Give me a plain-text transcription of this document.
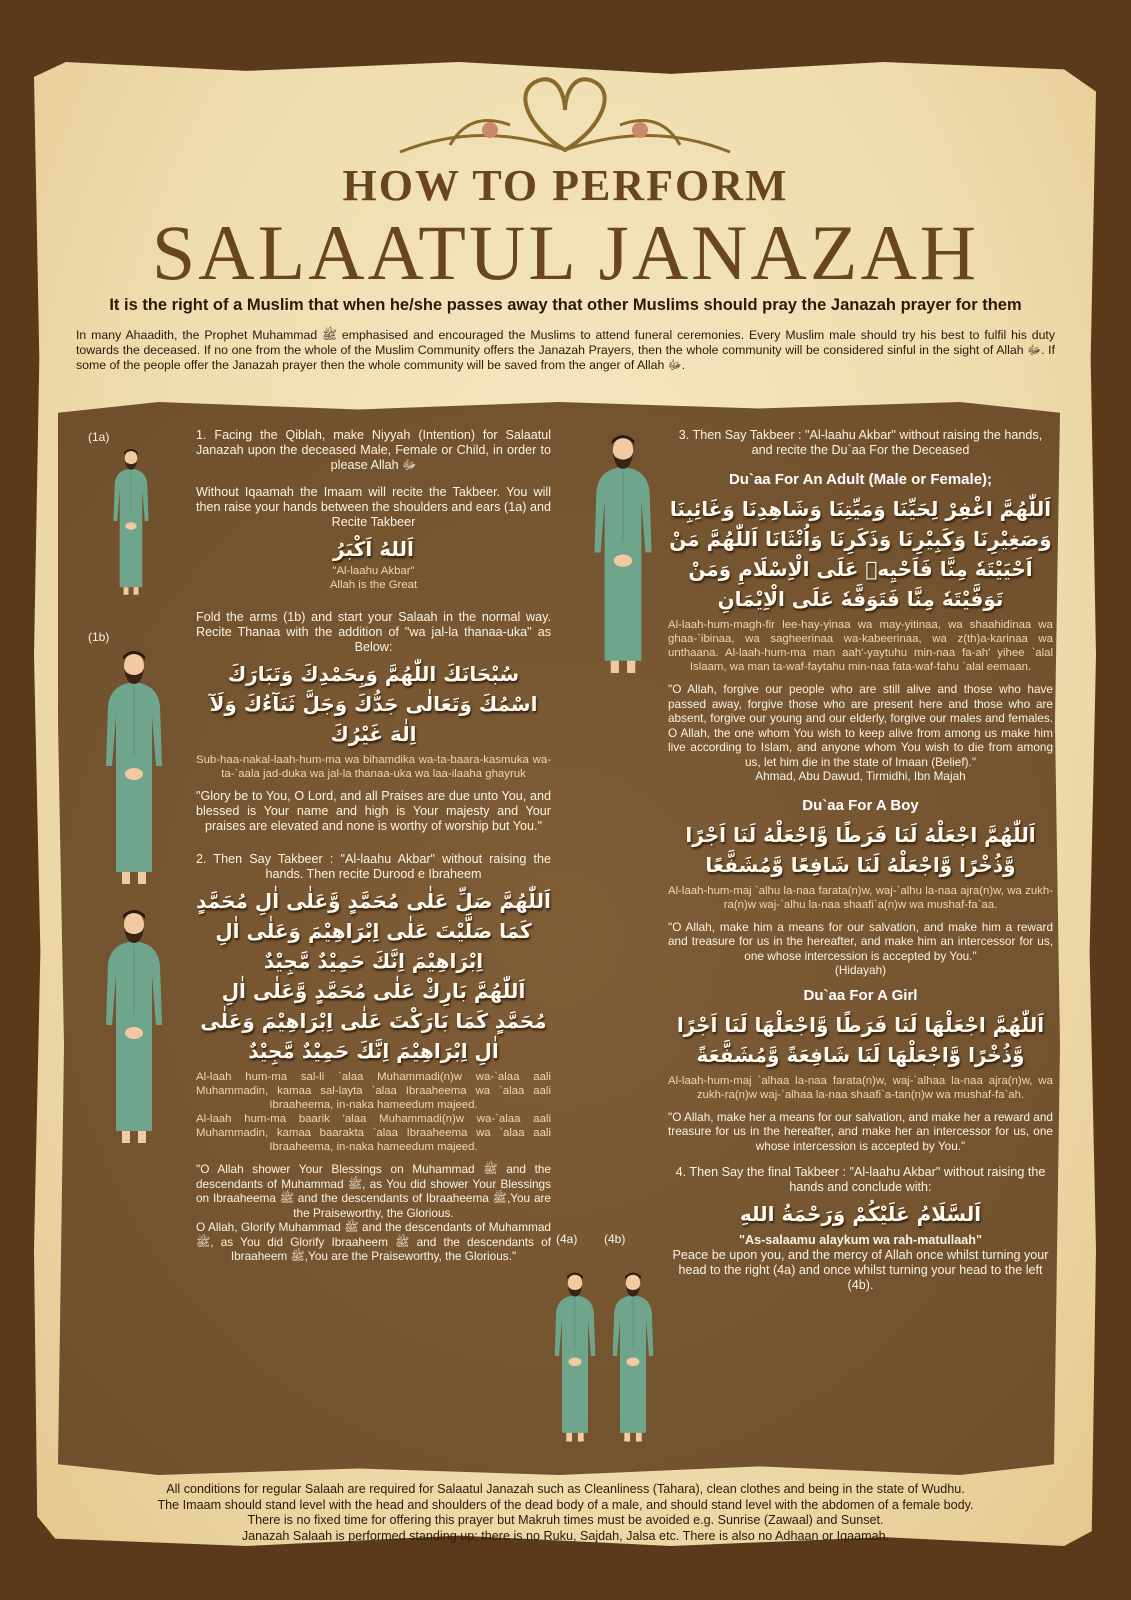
HOW TO PERFORM
SALAATUL JANAZAH
It is the right of a Muslim that when he/she passes away that other Muslims should pray the Janazah prayer for them
In many Ahaadith, the Prophet Muhammad ﷺ emphasised and encouraged the Muslims to attend funeral ceremonies. Every Muslim male should try his best to fulfil his duty towards the deceased. If no one from the whole of the Muslim Community offers the Janazah Prayers, then the whole community will be considered sinful in the sight of Allah ﷻ. If some of the people offer the Janazah prayer then the whole community will be saved from the anger of Allah ﷻ.
(1a)
(1b)
1. Facing the Qiblah, make Niyyah (Intention) for Salaatul Janazah upon the deceased Male, Female or Child, in order to please Allah ﷻ
Without Iqaamah the Imaam will recite the Takbeer. You will then raise your hands between the shoulders and ears (1a) and Recite Takbeer
اَللهُ اَكْبَرُ
"Al-laahu Akbar"
Allah is the Great
Fold the arms (1b) and start your Salaah in the normal way. Recite Thanaa with the addition of "wa jal-la thanaa-uka" as Below:
سُبْحَانَكَ اللّٰهُمَّ وَبِحَمْدِكَ وَتَبَارَكَ اسْمُكَ وَتَعَالٰى جَدُّكَ وَجَلَّ ثَنَآءُكَ وَلَآ اِلٰهَ غَيْرُكَ
Sub-haa-nakal-laah-hum-ma wa bihamdika wa-ta-baara-kasmuka wa-ta-`aala jad-duka wa jal-la thanaa-uka wa laa-ilaaha ghayruk
"Glory be to You, O Lord, and all Praises are due unto You, and blessed is Your name and high is Your majesty and Your praises are elevated and none is worthy of worship but You."
2. Then Say Takbeer : "Al-laahu Akbar" without raising the hands. Then recite Durood e Ibraheem
اَللّٰهُمَّ صَلِّ عَلٰى مُحَمَّدٍ وَّعَلٰى اٰلِ مُحَمَّدٍ كَمَا صَلَّيْتَ عَلٰى اِبْرَاهِيْمَ وَعَلٰى اٰلِ اِبْرَاهِيْمَ اِنَّكَ حَمِيْدٌ مَّجِيْدٌ
اَللّٰهُمَّ بَارِكْ عَلٰى مُحَمَّدٍ وَّعَلٰى اٰلِ مُحَمَّدٍ كَمَا بَارَكْتَ عَلٰى اِبْرَاهِيْمَ وَعَلٰى اٰلِ اِبْرَاهِيْمَ اِنَّكَ حَمِيْدٌ مَّجِيْدٌ
Al-laah hum-ma sal-li `alaa Muhammadi(n)w wa-`alaa aali Muhammadin, kamaa sal-layta `alaa Ibraaheema wa `alaa aali Ibraaheema, in-naka hameedum majeed.
Al-laah hum-ma baarik 'alaa Muhammadi(n)w wa-`alaa aali Muhammadin, kamaa baarakta `alaa Ibraaheema wa `alaa aali Ibraaheema, in-naka hameedum majeed.
"O Allah shower Your Blessings on Muhammad ﷺ and the descendants of Muhammad ﷺ, as You did shower Your Blessings on Ibraaheema ﷺ and the descendants of Ibraaheema ﷺ,You are the Praiseworthy, the Glorious.
O Allah, Glorify Muhammad ﷺ and the descendants of Muhammad ﷺ, as You did Glorify Ibraaheem ﷺ and the descendants of Ibraaheem ﷺ,You are the Praiseworthy, the Glorious."
(4a) (4b)
3. Then Say Takbeer : "Al-laahu Akbar" without raising the hands, and recite the Du`aa For the Deceased
Du`aa For An Adult (Male or Female);
اَللّٰهُمَّ اغْفِرْ لِحَيِّنَا وَمَيِّتِنَا وَشَاهِدِنَا وَغَائِبِنَا وَصَغِيْرِنَا وَكَبِيْرِنَا وَذَكَرِنَا وَاُنْثَانَا اَللّٰهُمَّ مَنْ اَحْيَيْتَهٗ مِنَّا فَاَحْيِهٖ عَلَى الْاِسْلَامِ وَمَنْ تَوَفَّيْتَهٗ مِنَّا فَتَوَفَّهٗ عَلَى الْاِيْمَانِ
Al-laah-hum-magh-fir lee-hay-yinaa wa may-yitinaa, wa shaahidinaa wa ghaa-`ibinaa, wa sagheerinaa wa-kabeerinaa, wa z(th)a-karinaa wa unthaana. Al-laah-hum-ma man aah'-yaytuhu min-naa fa-ah' yihee `alal Islaam, wa man ta-waf-faytahu min-naa fata-waf-fahu `alal eemaan.
"O Allah, forgive our people who are still alive and those who have passed away, forgive those who are present here and those who are absent, forgive our young and our elderly, forgive our males and females. O Allah, the one whom You wish to keep alive from among us make him live according to Islam, and anyone whom You wish to die from among us, let him die in the state of Imaan (Belief)."
Ahmad, Abu Dawud, Tirmidhi, Ibn Majah
Du`aa For A Boy
اَللّٰهُمَّ اجْعَلْهُ لَنَا فَرَطًا وَّاجْعَلْهُ لَنَا اَجْرًا وَّذُخْرًا وَّاجْعَلْهُ لَنَا شَافِعًا وَّمُشَفَّعًا
Al-laah-hum-maj `alhu la-naa farata(n)w, waj-`alhu la-naa ajra(n)w, wa zukh-ra(n)w waj-`alhu la-naa shaafi`a(n)w wa mushaf-fa`aa.
"O Allah, make him a means for our salvation, and make him a reward and treasure for us in the hereafter, and make him an intercessor for us, one whose intercession is accepted by You."
(Hidayah)
Du`aa For A Girl
اَللّٰهُمَّ اجْعَلْهَا لَنَا فَرَطًا وَّاجْعَلْهَا لَنَا اَجْرًا وَّذُخْرًا وَّاجْعَلْهَا لَنَا شَافِعَةً وَّمُشَفَّعَةً
Al-laah-hum-maj `alhaa la-naa farata(n)w, waj-`alhaa la-naa ajra(n)w, wa zukh-ra(n)w waj-`alhaa la-naa shaafi`a-tan(n)w wa mushaf-fa`ah.
"O Allah, make her a means for our salvation, and make her a reward and treasure for us in the hereafter, and make her an intercessor for us, one whose intercession is accepted by You."
4. Then Say the final Takbeer : "Al-laahu Akbar" without raising the hands and conclude with:
اَلسَّلَامُ عَلَيْكُمْ وَرَحْمَةُ اللهِ
"As-salaamu alaykum wa rah-matullaah"
Peace be upon you, and the mercy of Allah once whilst turning your head to the right (4a) and once whilst turning your head to the left (4b).
All conditions for regular Salaah are required for Salaatul Janazah such as Cleanliness (Tahara), clean clothes and being in the state of Wudhu.
The Imaam should stand level with the head and shoulders of the dead body of a male, and should stand level with the abdomen of a female body.
There is no fixed time for offering this prayer but Makruh times must be avoided e.g. Sunrise (Zawaal) and Sunset.
Janazah Salaah is performed standing up; there is no Ruku, Sajdah, Jalsa etc. There is also no Adhaan or Iqaamah.
